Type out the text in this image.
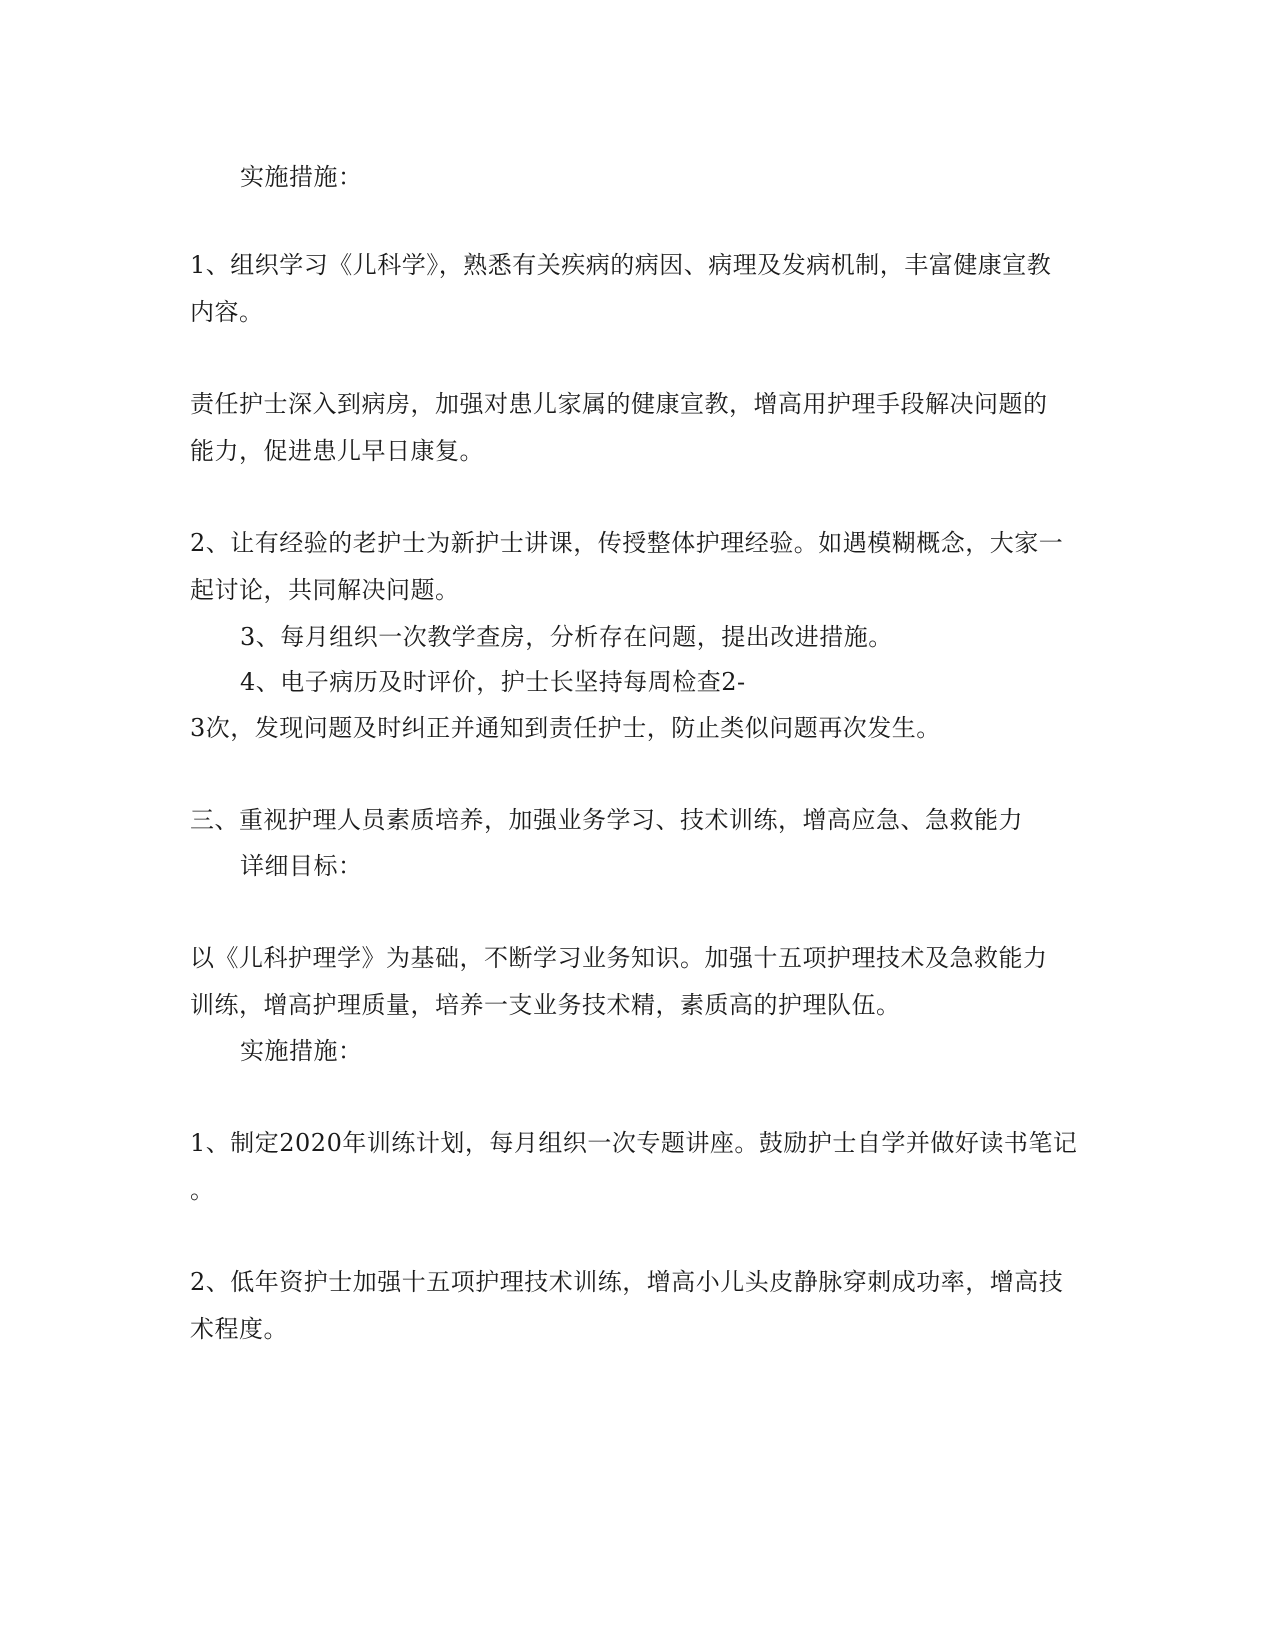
实施措施：
1、组织学习《儿科学》，熟悉有关疾病的病因、病理及发病机制，丰富健康宣教
内容。
责任护士深入到病房，加强对患儿家属的健康宣教，增高用护理手段解决问题的
能力，促进患儿早日康复。
2、让有经验的老护士为新护士讲课，传授整体护理经验。如遇模糊概念，大家一
起讨论，共同解决问题。
3、每月组织一次教学查房，分析存在问题，提出改进措施。
4、电子病历及时评价，护士长坚持每周检查2-
3次，发现问题及时纠正并通知到责任护士，防止类似问题再次发生。
三、重视护理人员素质培养，加强业务学习、技术训练，增高应急、急救能力
详细目标：
以《儿科护理学》为基础，不断学习业务知识。加强十五项护理技术及急救能力
训练，增高护理质量，培养一支业务技术精，素质高的护理队伍。
实施措施：
1、制定2020年训练计划，每月组织一次专题讲座。鼓励护士自学并做好读书笔记
。
2、低年资护士加强十五项护理技术训练，增高小儿头皮静脉穿刺成功率，增高技
术程度。
